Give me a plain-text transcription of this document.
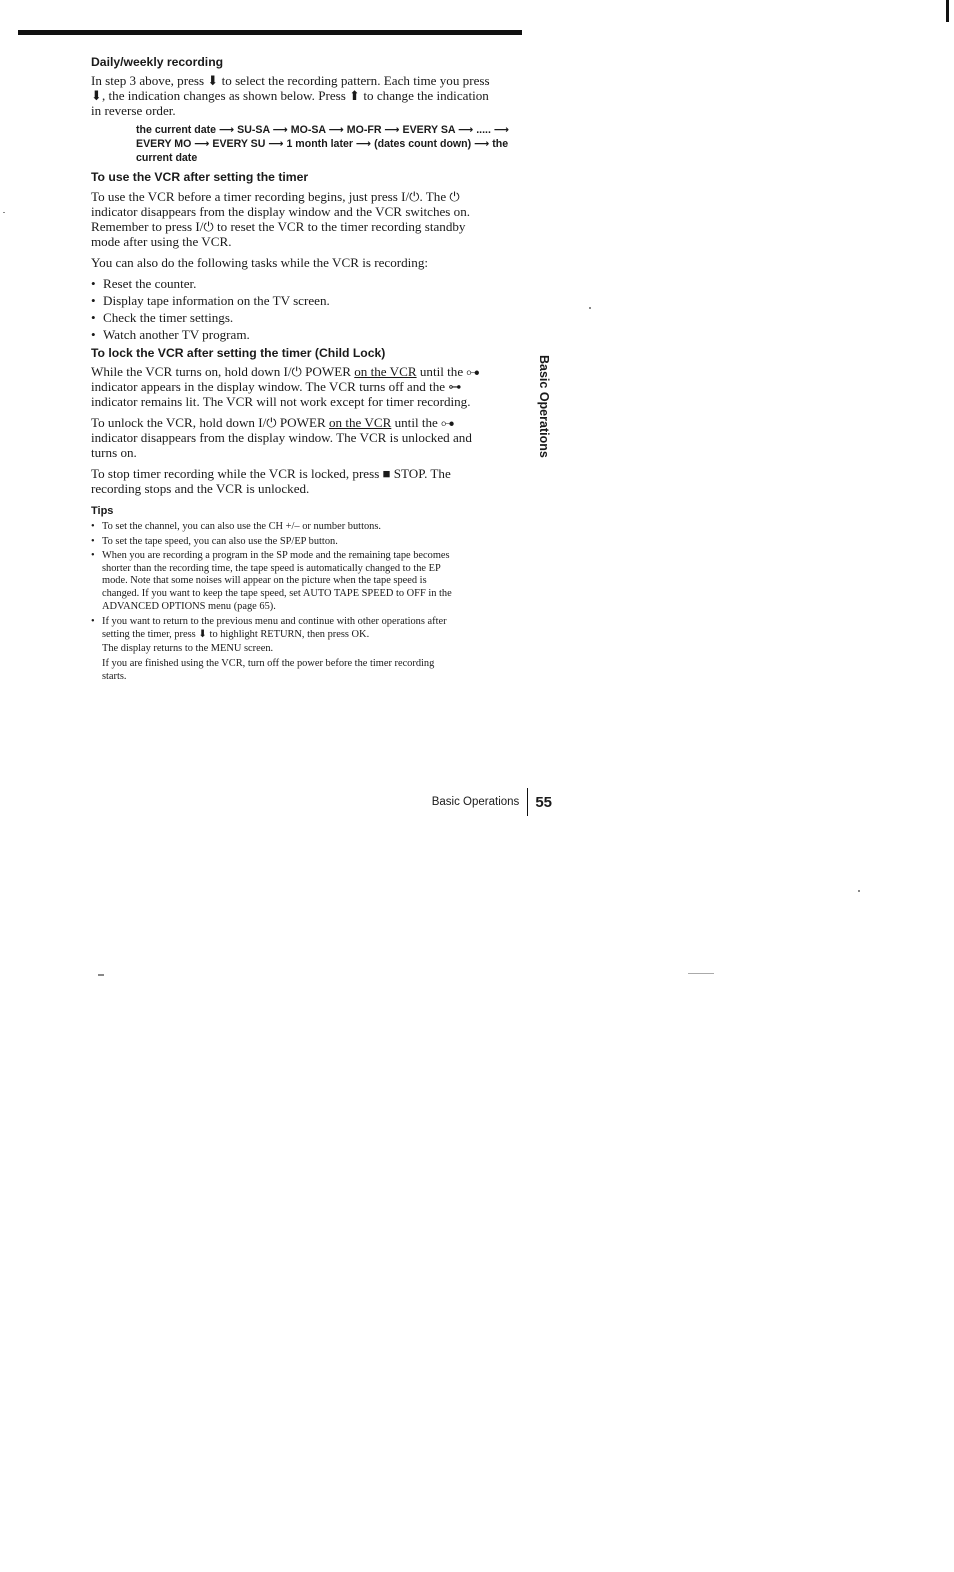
Daily/weekly recording

In step 3 above, press ⬇ to select the recording pattern. Each time you press

⬇, the indication changes as shown below. Press ⬆ to change the indication

in reverse order.

the current date ⟶ SU-SA ⟶ MO-SA ⟶ MO-FR ⟶ EVERY SA ⟶ ..... ⟶

EVERY MO ⟶ EVERY SU ⟶ 1 month later ⟶ (dates count down) ⟶ the

current date

To use the VCR after setting the timer

To use the VCR before a timer recording begins, just press I/⏻. The ⏻

indicator disappears from the display window and the VCR switches on.

Remember to press I/⏻ to reset the VCR to the timer recording standby

mode after using the VCR.

You can also do the following tasks while the VCR is recording:

• Reset the counter.
• Display tape information on the TV screen.
• Check the timer settings.
• Watch another TV program.
To lock the VCR after setting the timer (Child Lock)

While the VCR turns on, hold down I/⏻ POWER on the VCR until the ⊶

indicator appears in the display window. The VCR turns off and the ⊶

indicator remains lit. The VCR will not work except for timer recording.

To unlock the VCR, hold down I/⏻ POWER on the VCR until the ⊶

indicator disappears from the display window. The VCR is unlocked and

turns on.

To stop timer recording while the VCR is locked, press ■ STOP. The

recording stops and the VCR is unlocked.

Tips
• To set the channel, you can also use the CH +/– or number buttons.
• To set the tape speed, you can also use the SP/EP button.
• When you are recording a program in the SP mode and the remaining tape becomes
shorter than the recording time, the tape speed is automatically changed to the EP
mode. Note that some noises will appear on the picture when the tape speed is
changed. If you want to keep the tape speed, set AUTO TAPE SPEED to OFF in the
ADVANCED OPTIONS menu (page 65).
• If you want to return to the previous menu and continue with other operations after
setting the timer, press ⬇ to highlight RETURN, then press OK.
The display returns to the MENU screen.
If you are finished using the VCR, turn off the power before the timer recording
starts.
Basic Operations
Basic Operations 55
